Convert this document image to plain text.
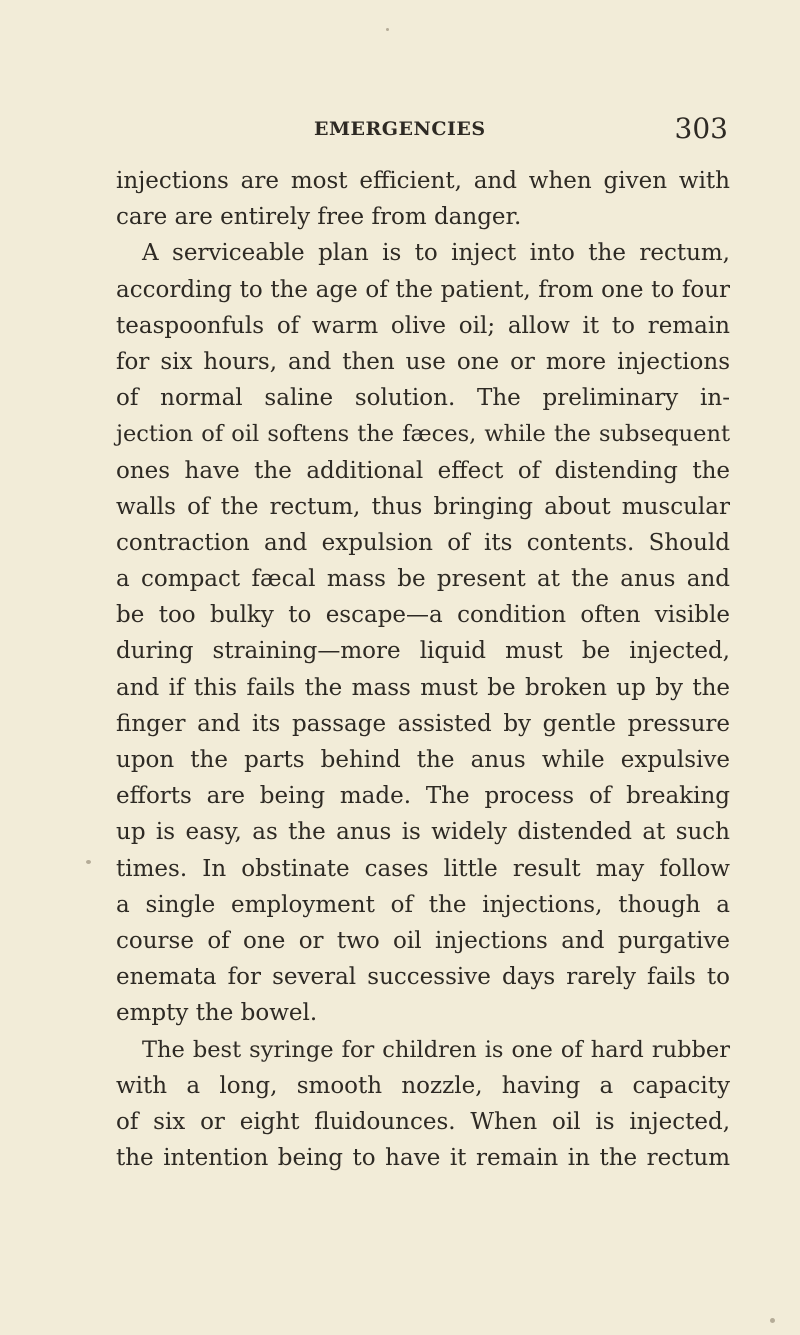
EMERGENCIES	303
injections are most efficient, and when given with
care are entirely free from danger.
A serviceable plan is to inject into the rectum,
according to the age of the patient, from one to four
teaspoonfuls of warm olive oil; allow it to remain
for six hours, and then use one or more injections
of normal saline solution. The preliminary in-
jection of oil softens the fæces, while the subsequent
ones have the additional effect of distending the
walls of the rectum, thus bringing about muscular
contraction and expulsion of its contents. Should
a compact fæcal mass be present at the anus and
be too bulky to escape—a condition often visible
during straining—more liquid must be injected,
and if this fails the mass must be broken up by the
finger and its passage assisted by gentle pressure
upon the parts behind the anus while expulsive
efforts are being made. The process of breaking
up is easy, as the anus is widely distended at such
times. In obstinate cases little result may follow
a single employment of the injections, though a
course of one or two oil injections and purgative
enemata for several successive days rarely fails to
empty the bowel.
The best syringe for children is one of hard rubber
with a long, smooth nozzle, having a capacity
of six or eight fluidounces. When oil is injected,
the intention being to have it remain in the rectum
